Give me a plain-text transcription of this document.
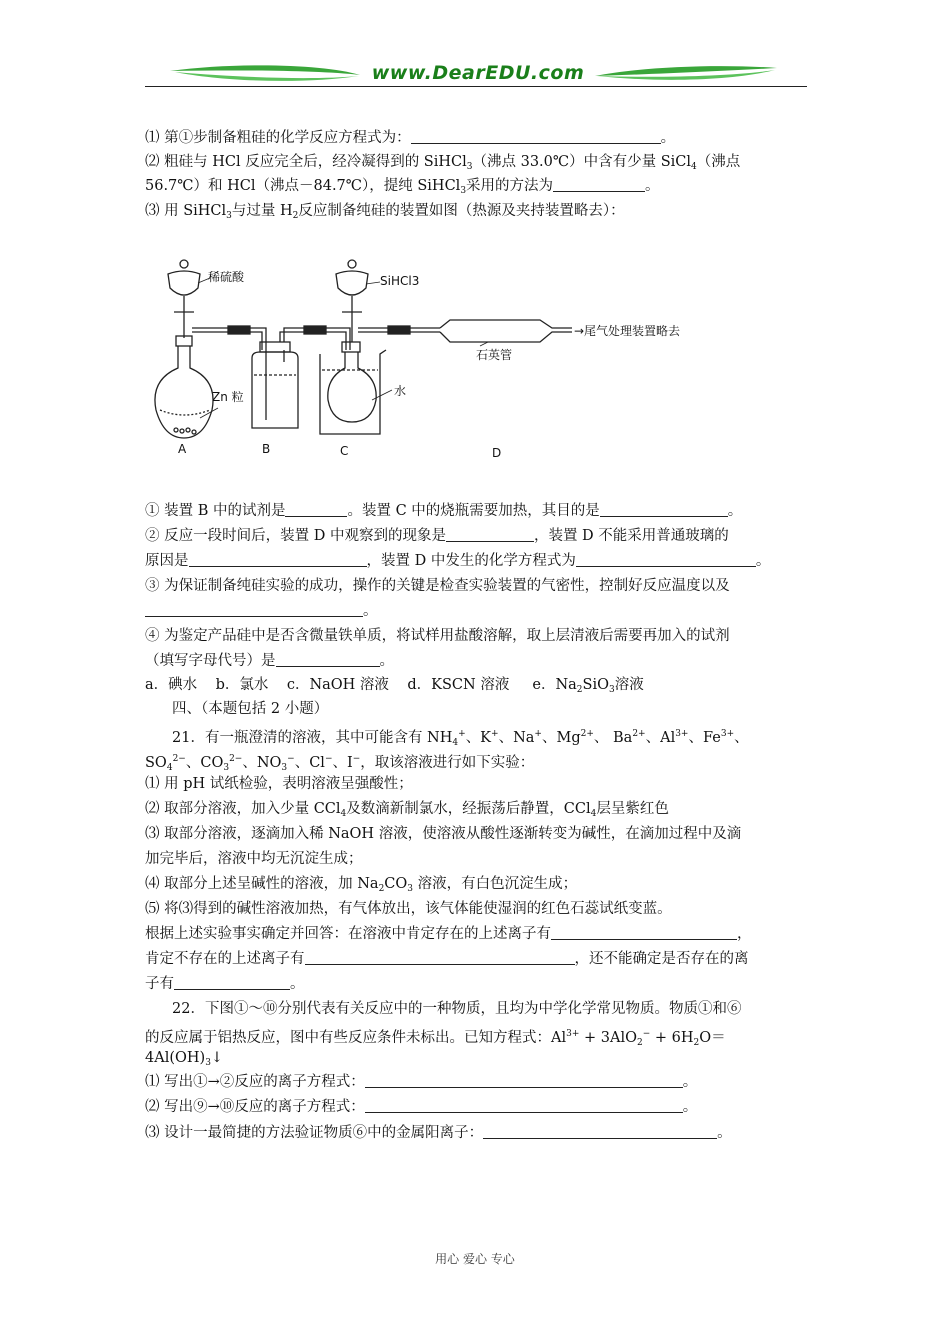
www.DearEDU.com
⑴ 第①步制备粗硅的化学反应方程式为：	。
⑵ 粗硅与 HCl 反应完全后，经冷凝得到的 SiHCl$_3$（沸点 33.0℃）中含有少量 SiCl$_4$（沸点
56.7℃）和 HCl（沸点－84.7℃），提纯 SiHCl$_3$采用的方法为	。
⑶ 用 SiHCl$_3$与过量 $H_2$反应制备纯硅的装置如图（热源及夹持装置略去）：
稀硫酸
Zn 粒
SiHCl3
水
石英管
→尾气处理装置略去
A	B	C	D
① 装置 B 中的试剂是	。装置 C 中的烧瓶需要加热，其目的是	。
② 反应一段时间后，装置 D 中观察到的现象是	，装置 D 不能采用普通玻璃的
原因是	，装置 D 中发生的化学方程式为	。
③ 为保证制备纯硅实验的成功，操作的关键是检查实验装置的气密性，控制好反应温度以及
。
④ 为鉴定产品硅中是否含微量铁单质，将试样用盐酸溶解，取上层清液后需要再加入的试剂
（填写字母代号）是	。
a．碘水 b．氯水 c．NaOH 溶液 d．KSCN 溶液 e．$Na_2SiO_3$溶液
四、（本题包括 2 小题）
21．有一瓶澄清的溶液，其中可能含有 $NH_4^+$、K+、Na+、$Mg^{2+}$、 $Ba^{2+}$、$Al^{3+}$、$Fe^{3+}$、
$SO_4^{2-}$、$CO_3^{2-}$、$NO_3^-$、Cl−、I−，取该溶液进行如下实验：
⑴ 用 pH 试纸检验，表明溶液呈强酸性；
⑵ 取部分溶液，加入少量 CCl$_4$及数滴新制氯水，经振荡后静置，CCl$_4$层呈紫红色
⑶ 取部分溶液，逐滴加入稀 NaOH 溶液，使溶液从酸性逐渐转变为碱性，在滴加过程中及滴
加完毕后，溶液中均无沉淀生成；
⑷ 取部分上述呈碱性的溶液，加 $Na_2CO_3$ 溶液，有白色沉淀生成；
⑸ 将⑶得到的碱性溶液加热，有气体放出，该气体能使湿润的红色石蕊试纸变蓝。
根据上述实验事实确定并回答：在溶液中肯定存在的上述离子有	，
肯定不存在的上述离子有	，还不能确定是否存在的离
子有	。
22．下图①～⑩分别代表有关反应中的一种物质，且均为中学化学常见物质。物质①和⑥
的反应属于铝热反应，图中有些反应条件未标出。已知方程式：$Al^{3+} + 3AlO_2^- + 6H_2O=$
$4Al(OH)_3↓$
⑴ 写出①→②反应的离子方程式：	。
⑵ 写出⑨→⑩反应的离子方程式：	。
⑶ 设计一最简捷的方法验证物质⑥中的金属阳离子：	。
用心 爱心 专心
